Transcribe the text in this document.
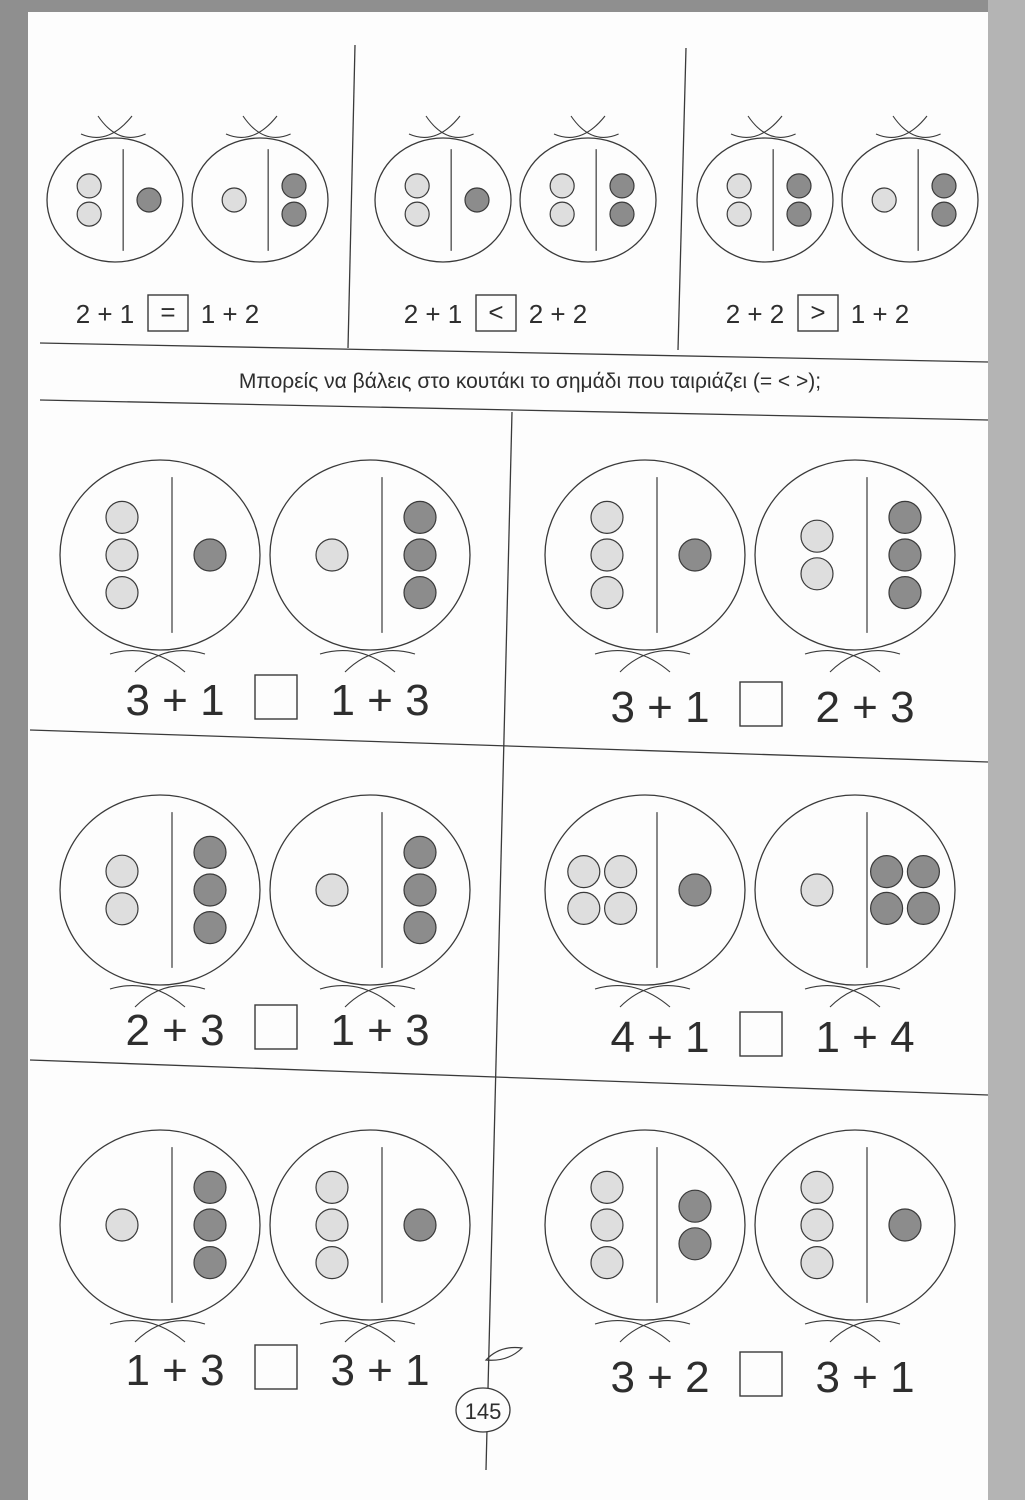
2 + 1 = 1 + 2	2 + 1 < 2 + 2	2 + 2 > 1 + 2
Μπορείς να βάλεις στο κουτάκι το σημάδι που ταιριάζει (= < >);
3 + 1 1 + 3	3 + 1 2 + 3
2 + 3 1 + 3	4 + 1 1 + 4
1 + 3 3 + 1	3 + 2 3 + 1
145
